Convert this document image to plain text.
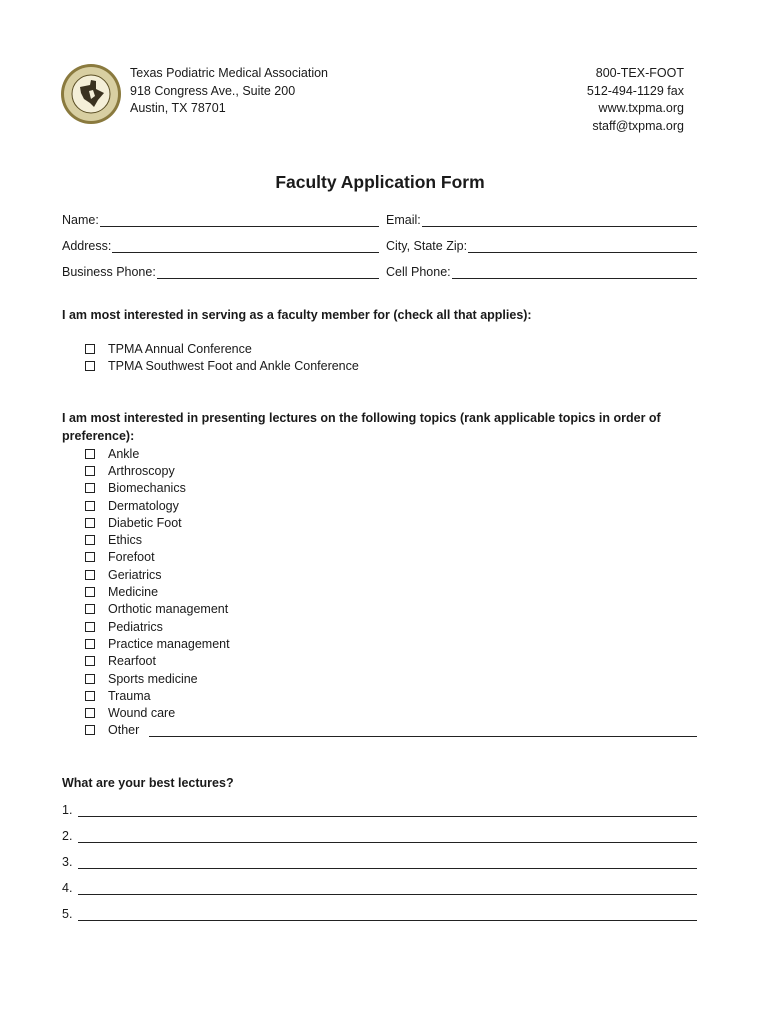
Texas Podiatric Medical Association
918 Congress Ave., Suite 200
Austin, TX 78701
800-TEX-FOOT
512-494-1129 fax
www.txpma.org
staff@txpma.org
Faculty Application Form
Name:	Email:
Address:	City, State Zip:
Business Phone:	Cell Phone:
I am most interested in serving as a faculty member for (check all that applies):
TPMA Annual Conference
TPMA Southwest Foot and Ankle Conference
I am most interested in presenting lectures on the following topics (rank applicable topics in order of preference):
Ankle
Arthroscopy
Biomechanics
Dermatology
Diabetic Foot
Ethics
Forefoot
Geriatrics
Medicine
Orthotic management
Pediatrics
Practice management
Rearfoot
Sports medicine
Trauma
Wound care
Other
What are your best lectures?
1.
2.
3.
4.
5.
